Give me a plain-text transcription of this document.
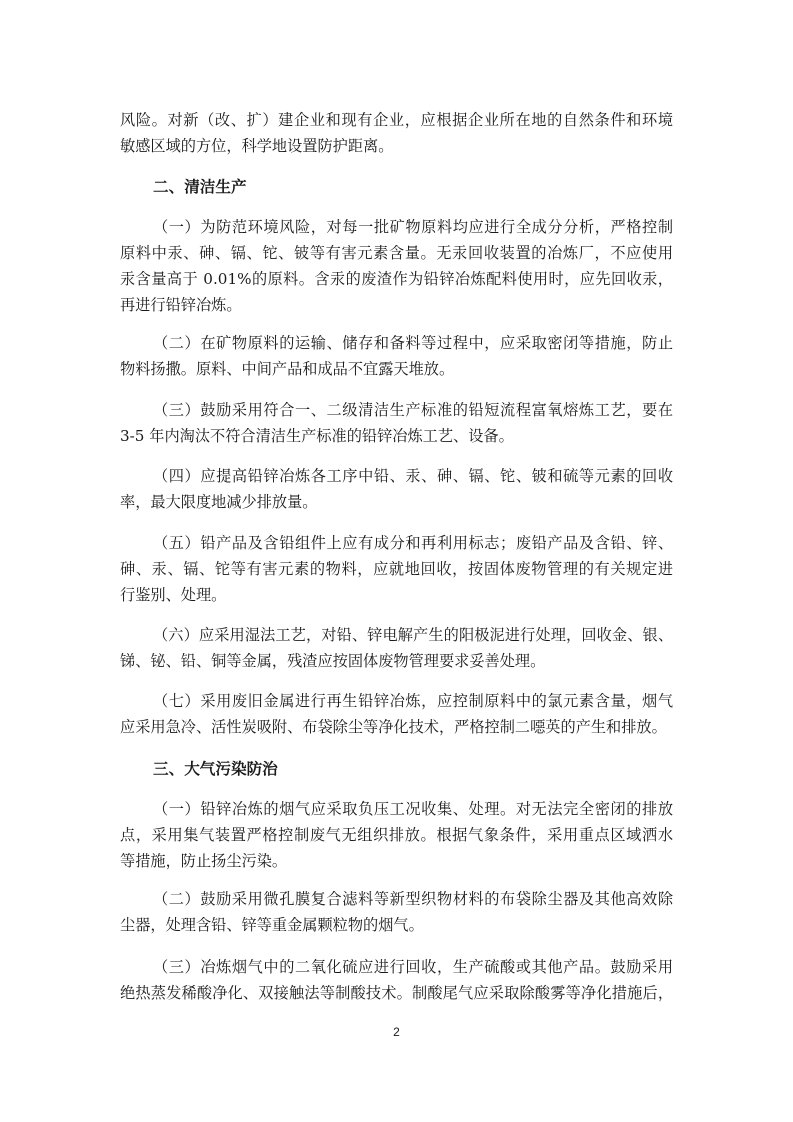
风险。对新（改、扩）建企业和现有企业，应根据企业所在地的自然条件和环境
敏感区域的方位，科学地设置防护距离。
二、清洁生产
（一）为防范环境风险，对每一批矿物原料均应进行全成分分析，严格控制
原料中汞、砷、镉、铊、铍等有害元素含量。无汞回收装置的冶炼厂，不应使用
汞含量高于 0.01%的原料。含汞的废渣作为铅锌冶炼配料使用时，应先回收汞，
再进行铅锌冶炼。
（二）在矿物原料的运输、储存和备料等过程中，应采取密闭等措施，防止
物料扬撒。原料、中间产品和成品不宜露天堆放。
（三）鼓励采用符合一、二级清洁生产标准的铅短流程富氧熔炼工艺，要在
3-5 年内淘汰不符合清洁生产标准的铅锌冶炼工艺、设备。
（四）应提高铅锌冶炼各工序中铅、汞、砷、镉、铊、铍和硫等元素的回收
率，最大限度地减少排放量。
（五）铅产品及含铅组件上应有成分和再利用标志；废铅产品及含铅、锌、
砷、汞、镉、铊等有害元素的物料，应就地回收，按固体废物管理的有关规定进
行鉴别、处理。
（六）应采用湿法工艺，对铅、锌电解产生的阳极泥进行处理，回收金、银、
锑、铋、铅、铜等金属，残渣应按固体废物管理要求妥善处理。
（七）采用废旧金属进行再生铅锌冶炼，应控制原料中的氯元素含量，烟气
应采用急冷、活性炭吸附、布袋除尘等净化技术，严格控制二噁英的产生和排放。
三、大气污染防治
（一）铅锌冶炼的烟气应采取负压工况收集、处理。对无法完全密闭的排放
点，采用集气装置严格控制废气无组织排放。根据气象条件，采用重点区域洒水
等措施，防止扬尘污染。
（二）鼓励采用微孔膜复合滤料等新型织物材料的布袋除尘器及其他高效除
尘器，处理含铅、锌等重金属颗粒物的烟气。
（三）冶炼烟气中的二氧化硫应进行回收，生产硫酸或其他产品。鼓励采用
绝热蒸发稀酸净化、双接触法等制酸技术。制酸尾气应采取除酸雾等净化措施后，
2
